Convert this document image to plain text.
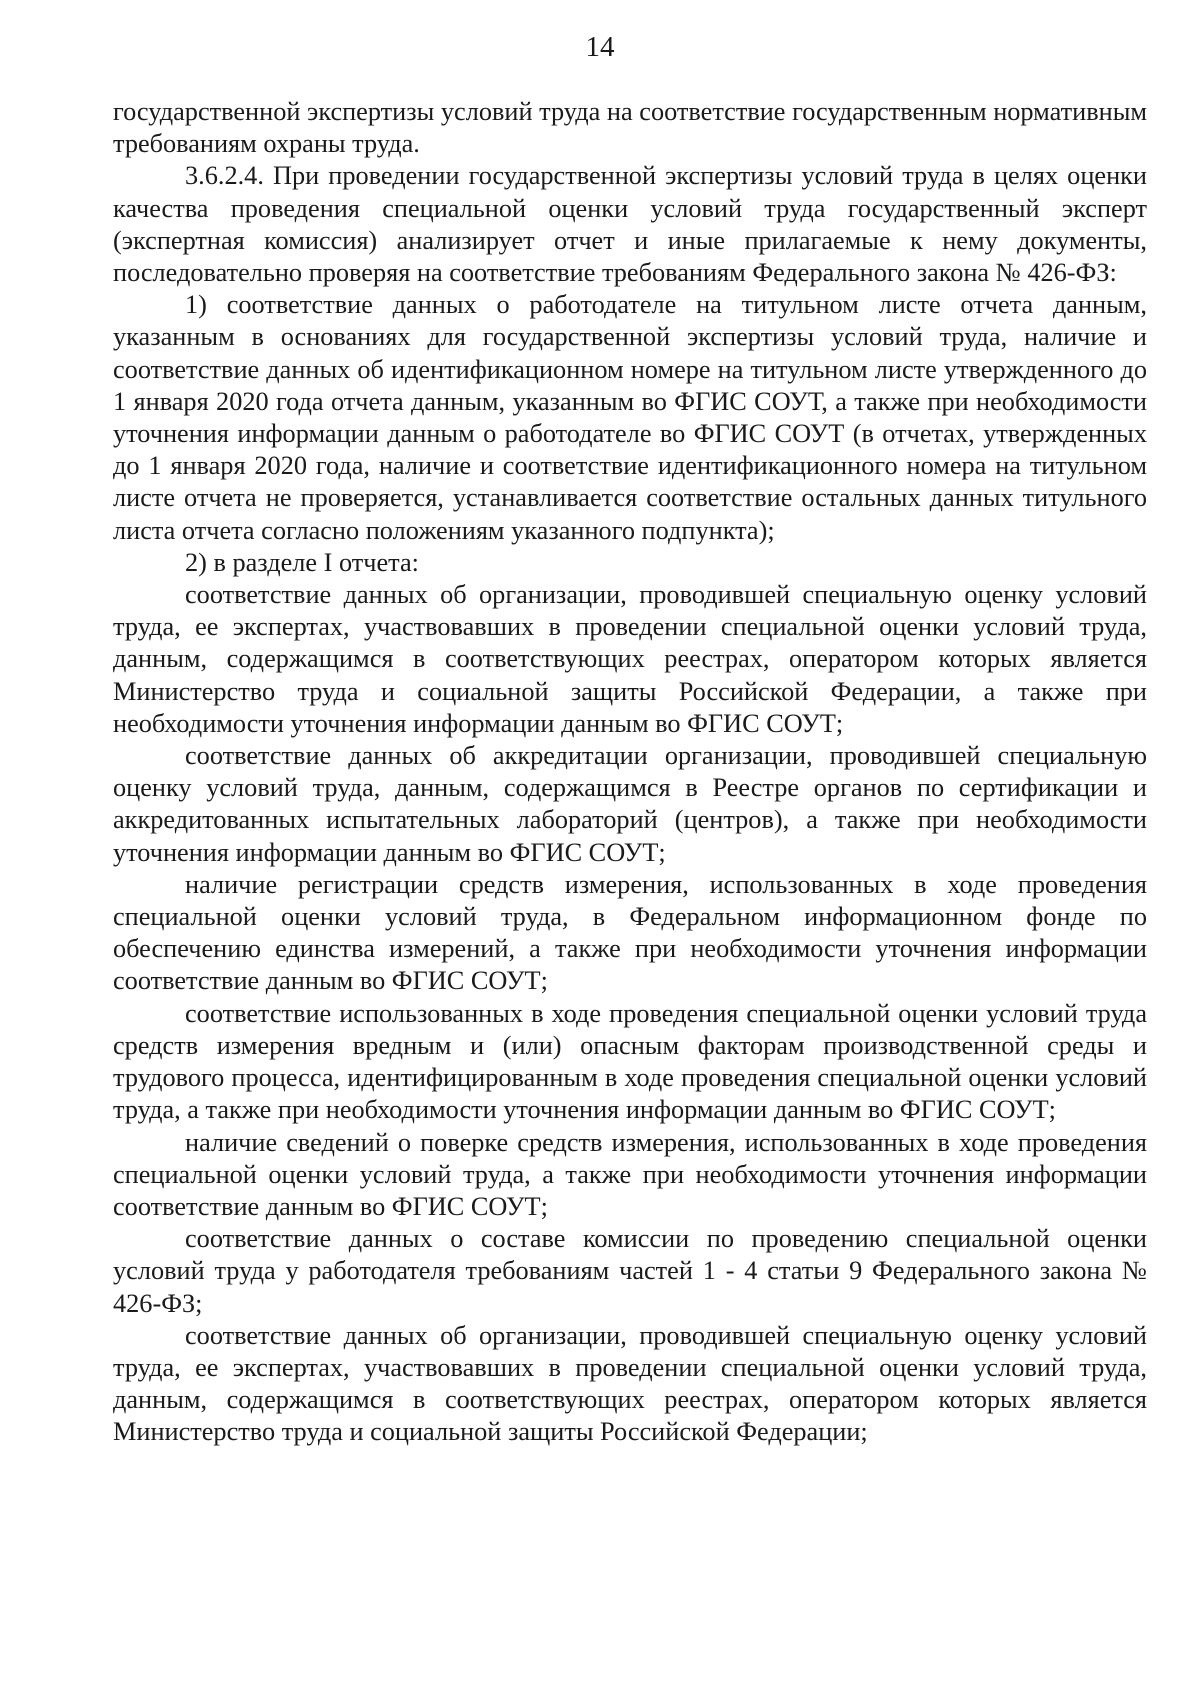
14

государственной экспертизы условий труда на соответствие государственным нормативным требованиям охраны труда.

3.6.2.4. При проведении государственной экспертизы условий труда в целях оценки качества проведения специальной оценки условий труда государственный эксперт (экспертная комиссия) анализирует отчет и иные прилагаемые к нему документы, последовательно проверяя на соответствие требованиям Федерального закона № 426-ФЗ:

1) соответствие данных о работодателе на титульном листе отчета данным, указанным в основаниях для государственной экспертизы условий труда, наличие и соответствие данных об идентификационном номере на титульном листе утвержденного до 1 января 2020 года отчета данным, указанным во ФГИС СОУТ, а также при необходимости уточнения информации данным о работодателе во ФГИС СОУТ (в отчетах, утвержденных до 1 января 2020 года, наличие и соответствие идентификационного номера на титульном листе отчета не проверяется, устанавливается соответствие остальных данных титульного листа отчета согласно положениям указанного подпункта);

2) в разделе I отчета:

соответствие данных об организации, проводившей специальную оценку условий труда, ее экспертах, участвовавших в проведении специальной оценки условий труда, данным, содержащимся в соответствующих реестрах, оператором которых является Министерство труда и социальной защиты Российской Федерации, а также при необходимости уточнения информации данным во ФГИС СОУТ;

соответствие данных об аккредитации организации, проводившей специальную оценку условий труда, данным, содержащимся в Реестре органов по сертификации и аккредитованных испытательных лабораторий (центров), а также при необходимости уточнения информации данным во ФГИС СОУТ;

наличие регистрации средств измерения, использованных в ходе проведения специальной оценки условий труда, в Федеральном информационном фонде по обеспечению единства измерений, а также при необходимости уточнения информации соответствие данным во ФГИС СОУТ;

соответствие использованных в ходе проведения специальной оценки условий труда средств измерения вредным и (или) опасным факторам производственной среды и трудового процесса, идентифицированным в ходе проведения специальной оценки условий труда, а также при необходимости уточнения информации данным во ФГИС СОУТ;

наличие сведений о поверке средств измерения, использованных в ходе проведения специальной оценки условий труда, а также при необходимости уточнения информации соответствие данным во ФГИС СОУТ;

соответствие данных о составе комиссии по проведению специальной оценки условий труда у работодателя требованиям частей 1 - 4 статьи 9 Федерального закона № 426-ФЗ;

соответствие данных об организации, проводившей специальную оценку условий труда, ее экспертах, участвовавших в проведении специальной оценки условий труда, данным, содержащимся в соответствующих реестрах, оператором которых является Министерство труда и социальной защиты Российской Федерации;
